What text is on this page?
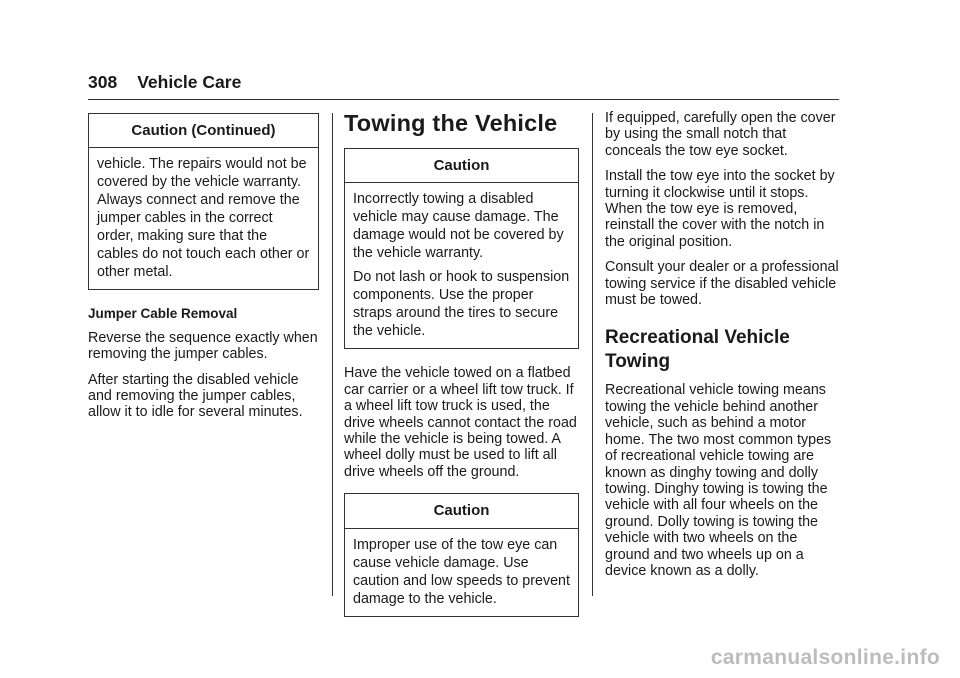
308 Vehicle Care
Caution (Continued)

vehicle. The repairs would not be covered by the vehicle warranty. Always connect and remove the jumper cables in the correct order, making sure that the cables do not touch each other or other metal.

Jumper Cable Removal

Reverse the sequence exactly when removing the jumper cables.

After starting the disabled vehicle and removing the jumper cables, allow it to idle for several minutes.

Towing the Vehicle
Caution

Incorrectly towing a disabled vehicle may cause damage. The damage would not be covered by the vehicle warranty.

Do not lash or hook to suspension components. Use the proper straps around the tires to secure the vehicle.

Have the vehicle towed on a flatbed car carrier or a wheel lift tow truck. If a wheel lift tow truck is used, the drive wheels cannot contact the road while the vehicle is being towed. A wheel dolly must be used to lift all drive wheels off the ground.

Caution

Improper use of the tow eye can cause vehicle damage. Use caution and low speeds to prevent damage to the vehicle.

If equipped, carefully open the cover by using the small notch that conceals the tow eye socket.

Install the tow eye into the socket by turning it clockwise until it stops. When the tow eye is removed, reinstall the cover with the notch in the original position.

Consult your dealer or a professional towing service if the disabled vehicle must be towed.

Recreational Vehicle Towing

Recreational vehicle towing means towing the vehicle behind another vehicle, such as behind a motor home. The two most common types of recreational vehicle towing are known as dinghy towing and dolly towing. Dinghy towing is towing the vehicle with all four wheels on the ground. Dolly towing is towing the vehicle with two wheels on the ground and two wheels up on a device known as a dolly.

carmanualsonline.info
